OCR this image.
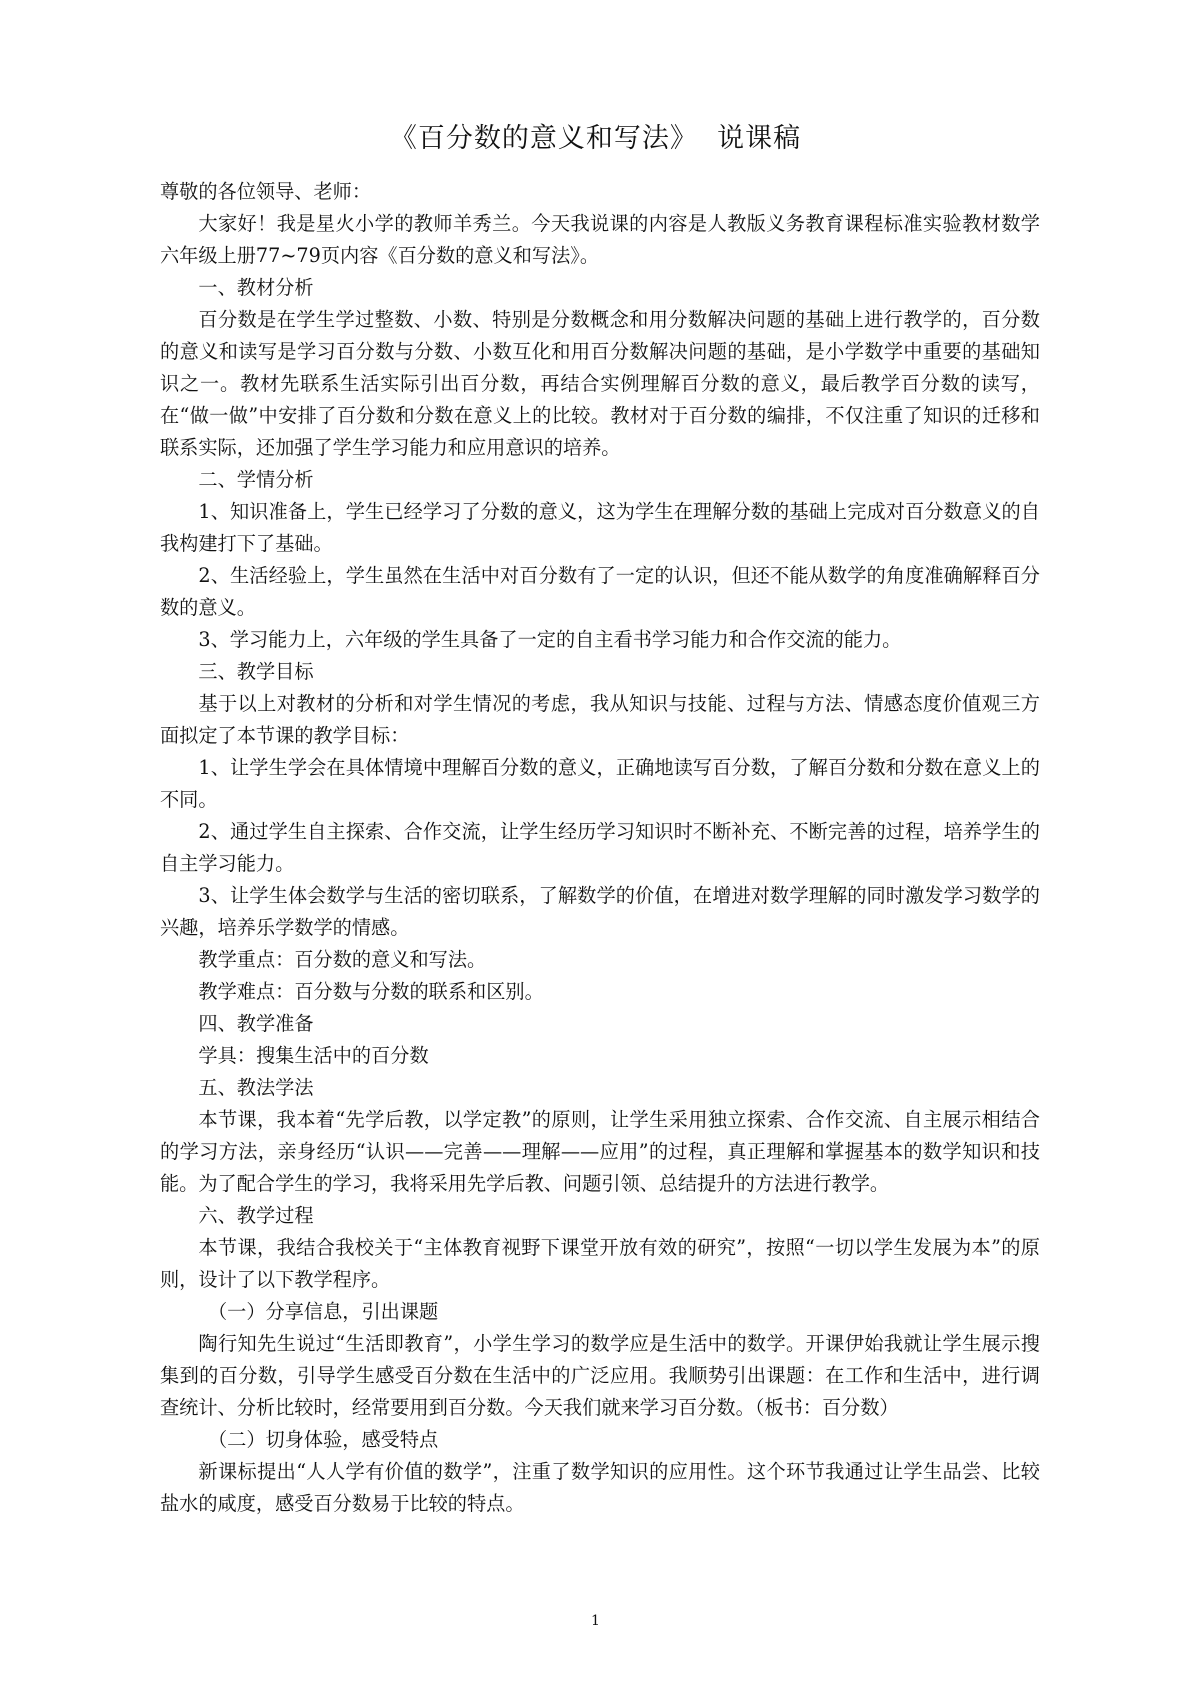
《百分数的意义和写法》  说课稿

尊敬的各位领导、老师：

大家好！我是星火小学的教师羊秀兰。今天我说课的内容是人教版义务教育课程标准实验教材数学六年级上册77~79页内容《百分数的意义和写法》。

一、教材分析

百分数是在学生学过整数、小数、特别是分数概念和用分数解决问题的基础上进行教学的，百分数的意义和读写是学习百分数与分数、小数互化和用百分数解决问题的基础，是小学数学中重要的基础知识之一。教材先联系生活实际引出百分数，再结合实例理解百分数的意义，最后教学百分数的读写，在“做一做”中安排了百分数和分数在意义上的比较。教材对于百分数的编排，不仅注重了知识的迁移和联系实际，还加强了学生学习能力和应用意识的培养。

二、学情分析

1、知识准备上，学生已经学习了分数的意义，这为学生在理解分数的基础上完成对百分数意义的自我构建打下了基础。

2、生活经验上，学生虽然在生活中对百分数有了一定的认识，但还不能从数学的角度准确解释百分数的意义。

3、学习能力上，六年级的学生具备了一定的自主看书学习能力和合作交流的能力。

三、教学目标

基于以上对教材的分析和对学生情况的考虑，我从知识与技能、过程与方法、情感态度价值观三方面拟定了本节课的教学目标：

1、让学生学会在具体情境中理解百分数的意义，正确地读写百分数，了解百分数和分数在意义上的不同。

2、通过学生自主探索、合作交流，让学生经历学习知识时不断补充、不断完善的过程，培养学生的自主学习能力。

3、让学生体会数学与生活的密切联系，了解数学的价值，在增进对数学理解的同时激发学习数学的兴趣，培养乐学数学的情感。

教学重点：百分数的意义和写法。

教学难点：百分数与分数的联系和区别。

四、教学准备

学具：搜集生活中的百分数

五、教法学法

本节课，我本着“先学后教，以学定教”的原则，让学生采用独立探索、合作交流、自主展示相结合的学习方法，亲身经历“认识——完善——理解——应用”的过程，真正理解和掌握基本的数学知识和技能。为了配合学生的学习，我将采用先学后教、问题引领、总结提升的方法进行教学。

六、教学过程

本节课，我结合我校关于“主体教育视野下课堂开放有效的研究”，按照“一切以学生发展为本”的原则，设计了以下教学程序。

（一）分享信息，引出课题

陶行知先生说过“生活即教育”，小学生学习的数学应是生活中的数学。开课伊始我就让学生展示搜集到的百分数，引导学生感受百分数在生活中的广泛应用。我顺势引出课题：在工作和生活中，进行调查统计、分析比较时，经常要用到百分数。今天我们就来学习百分数。（板书：百分数）

（二）切身体验，感受特点

新课标提出“人人学有价值的数学”，注重了数学知识的应用性。这个环节我通过让学生品尝、比较盐水的咸度，感受百分数易于比较的特点。

1
